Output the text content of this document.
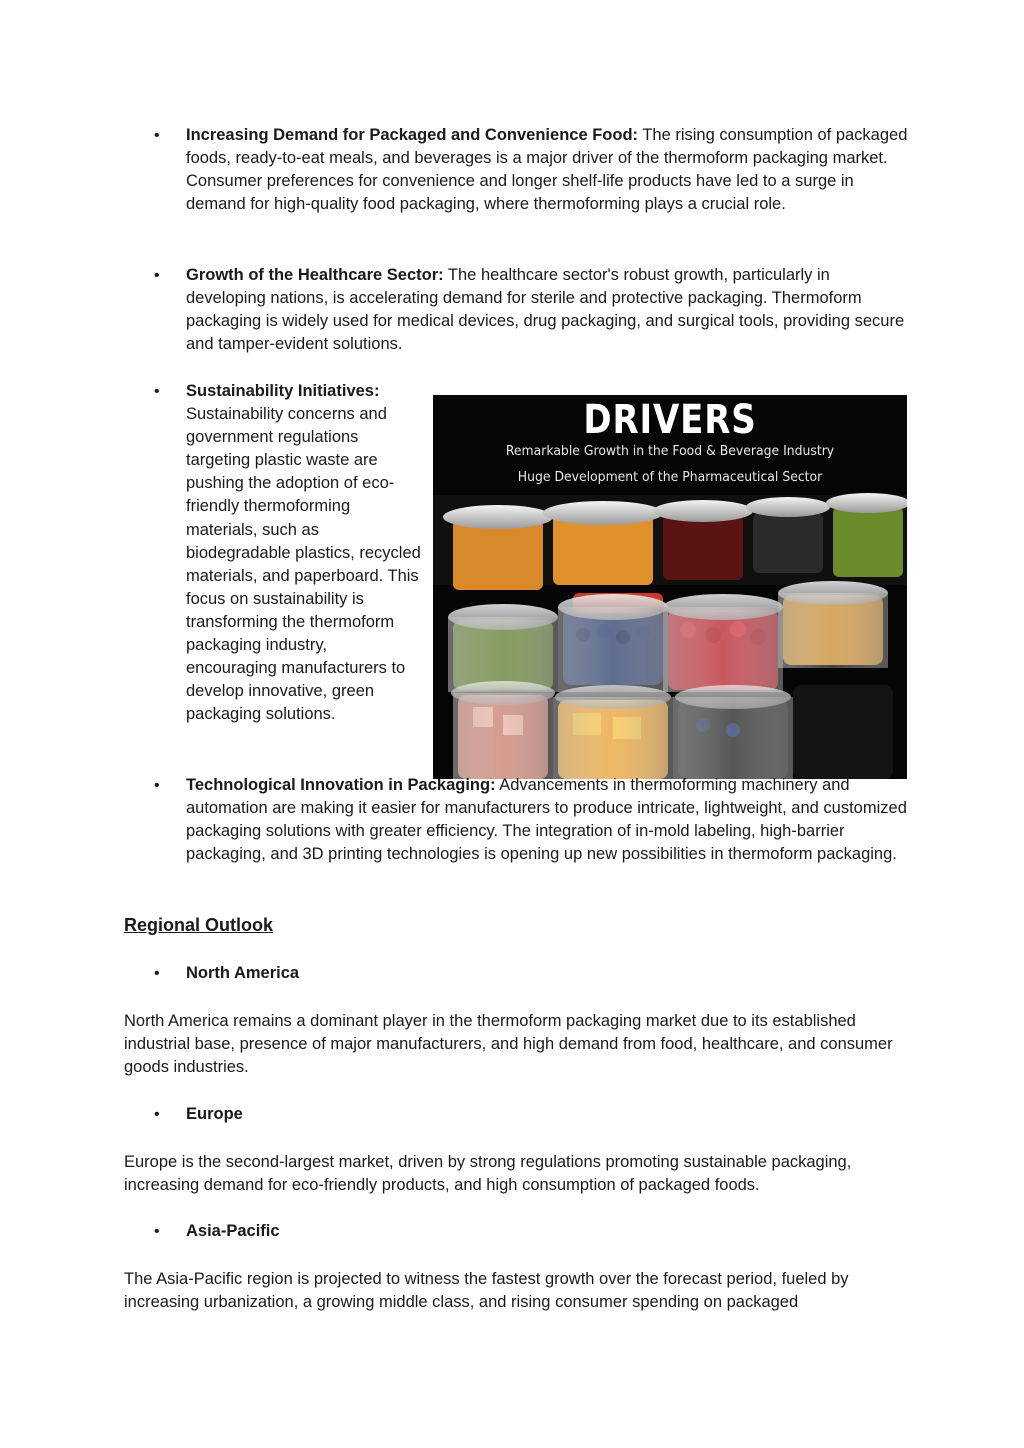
• Increasing Demand for Packaged and Convenience Food: The rising consumption of packaged foods, ready-to-eat meals, and beverages is a major driver of the thermoform packaging market. Consumer preferences for convenience and longer shelf-life products have led to a surge in demand for high-quality food packaging, where thermoforming plays a crucial role.
• Growth of the Healthcare Sector: The healthcare sector's robust growth, particularly in developing nations, is accelerating demand for sterile and protective packaging. Thermoform packaging is widely used for medical devices, drug packaging, and surgical tools, providing secure and tamper-evident solutions.
• Sustainability Initiatives: Sustainability concerns and government regulations targeting plastic waste are pushing the adoption of eco-friendly thermoforming materials, such as biodegradable plastics, recycled materials, and paperboard. This focus on sustainability is transforming the thermoform packaging industry, encouraging manufacturers to develop innovative, green packaging solutions.
DRIVERS
Remarkable Growth in the Food & Beverage Industry
Huge Development of the Pharmaceutical Sector
• Technological Innovation in Packaging: Advancements in thermoforming machinery and automation are making it easier for manufacturers to produce intricate, lightweight, and customized packaging solutions with greater efficiency. The integration of in-mold labeling, high-barrier packaging, and 3D printing technologies is opening up new possibilities in thermoform packaging.
Regional Outlook
• North America
North America remains a dominant player in the thermoform packaging market due to its established industrial base, presence of major manufacturers, and high demand from food, healthcare, and consumer goods industries.
• Europe
Europe is the second-largest market, driven by strong regulations promoting sustainable packaging, increasing demand for eco-friendly products, and high consumption of packaged foods.
• Asia-Pacific
The Asia-Pacific region is projected to witness the fastest growth over the forecast period, fueled by increasing urbanization, a growing middle class, and rising consumer spending on packaged
